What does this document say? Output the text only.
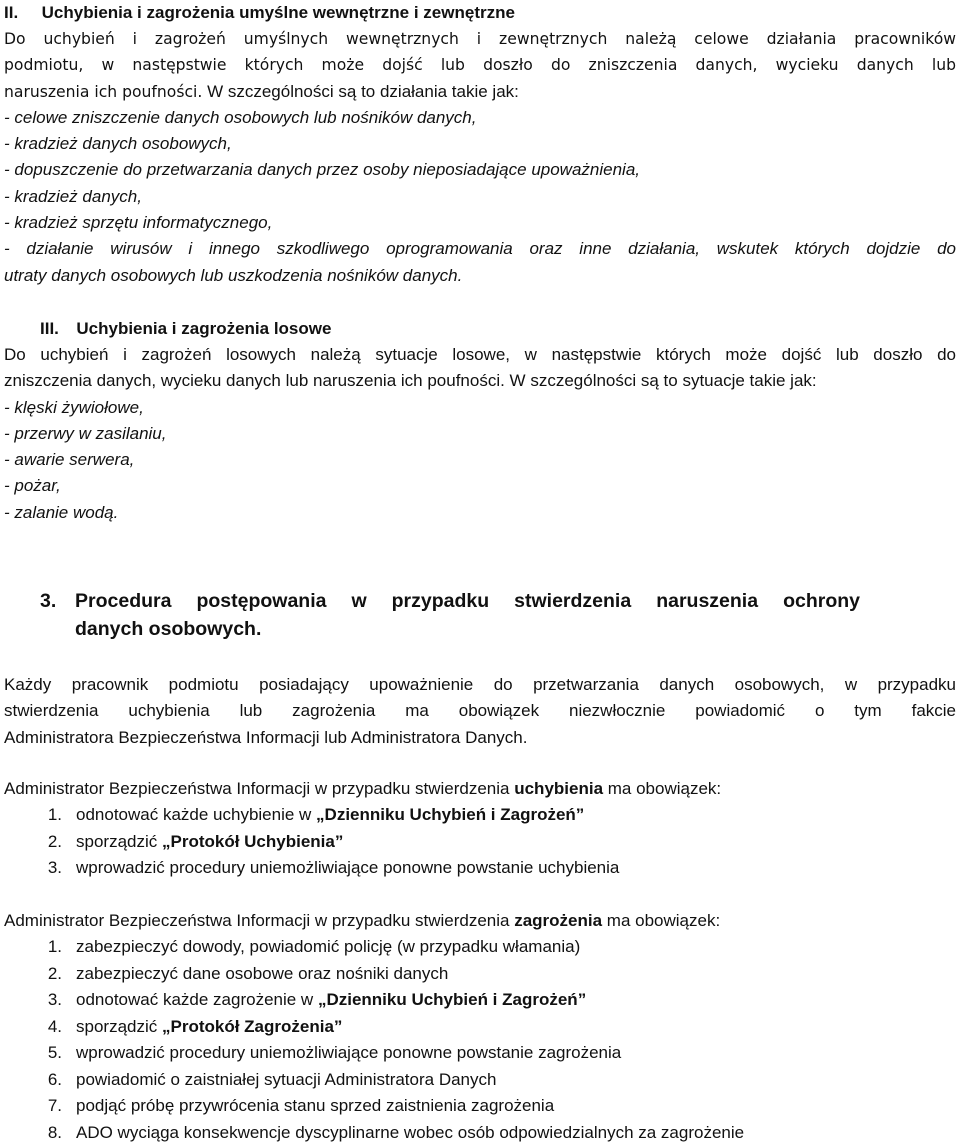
II. Uchybienia i zagrożenia umyślne wewnętrzne i zewnętrzne
Do uchybień i zagrożeń umyślnych wewnętrznych i zewnętrznych należą celowe działania pracowników
podmiotu, w następstwie których może dojść lub doszło do zniszczenia danych, wycieku danych lub
naruszenia ich poufności. W szczególności są to działania takie jak:
- celowe zniszczenie danych osobowych lub nośników danych,
- kradzież danych osobowych,
- dopuszczenie do przetwarzania danych przez osoby nieposiadające upoważnienia,
- kradzież danych,
- kradzież sprzętu informatycznego,
- działanie wirusów i innego szkodliwego oprogramowania oraz inne działania, wskutek których dojdzie do
utraty danych osobowych lub uszkodzenia nośników danych.
III. Uchybienia i zagrożenia losowe
Do uchybień i zagrożeń losowych należą sytuacje losowe, w następstwie których może dojść lub doszło do
zniszczenia danych, wycieku danych lub naruszenia ich poufności. W szczególności są to sytuacje takie jak:
- klęski żywiołowe,
- przerwy w zasilaniu,
- awarie serwera,
- pożar,
- zalanie wodą.
3. Procedura postępowania w przypadku stwierdzenia naruszenia ochrony
danych osobowych.
Każdy pracownik podmiotu posiadający upoważnienie do przetwarzania danych osobowych, w przypadku
stwierdzenia uchybienia lub zagrożenia ma obowiązek niezwłocznie powiadomić o tym fakcie
Administratora Bezpieczeństwa Informacji lub Administratora Danych.
Administrator Bezpieczeństwa Informacji w przypadku stwierdzenia uchybienia ma obowiązek:
1. odnotować każde uchybienie w „Dzienniku Uchybień i Zagrożeń”
2. sporządzić „Protokół Uchybienia”
3. wprowadzić procedury uniemożliwiające ponowne powstanie uchybienia
Administrator Bezpieczeństwa Informacji w przypadku stwierdzenia zagrożenia ma obowiązek:
1. zabezpieczyć dowody, powiadomić policję (w przypadku włamania)
2. zabezpieczyć dane osobowe oraz nośniki danych
3. odnotować każde zagrożenie w „Dzienniku Uchybień i Zagrożeń”
4. sporządzić „Protokół Zagrożenia”
5. wprowadzić procedury uniemożliwiające ponowne powstanie zagrożenia
6. powiadomić o zaistniałej sytuacji Administratora Danych
7. podjąć próbę przywrócenia stanu sprzed zaistnienia zagrożenia
8. ADO wyciąga konsekwencje dyscyplinarne wobec osób odpowiedzialnych za zagrożenie
